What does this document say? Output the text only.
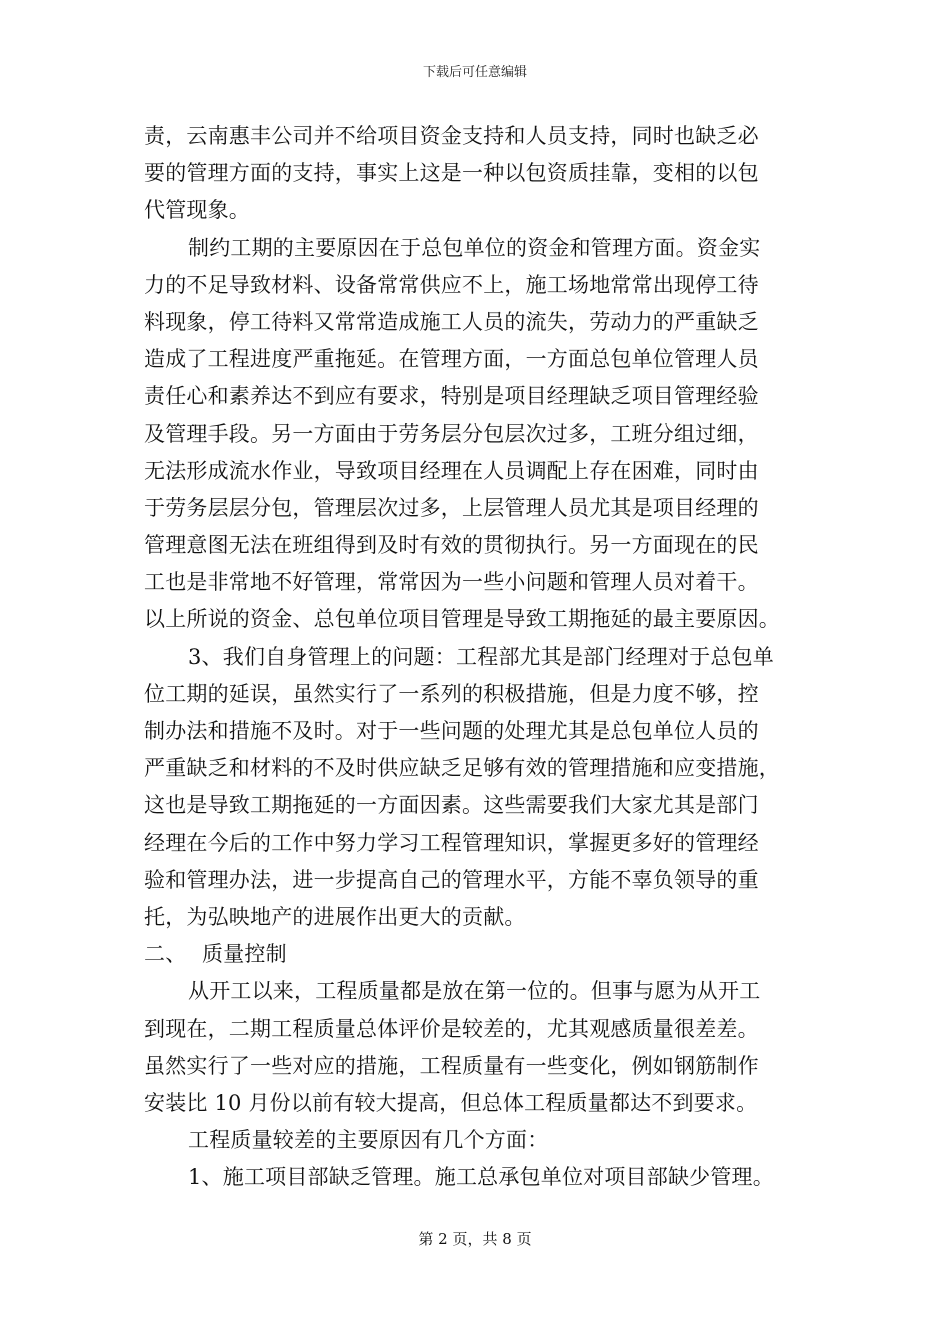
下载后可任意编辑
责，云南惠丰公司并不给项目资金支持和人员支持，同时也缺乏必
要的管理方面的支持，事实上这是一种以包资质挂靠，变相的以包
代管现象。
制约工期的主要原因在于总包单位的资金和管理方面。资金实
力的不足导致材料、设备常常供应不上，施工场地常常出现停工待
料现象，停工待料又常常造成施工人员的流失，劳动力的严重缺乏
造成了工程进度严重拖延。在管理方面，一方面总包单位管理人员
责任心和素养达不到应有要求，特别是项目经理缺乏项目管理经验
及管理手段。另一方面由于劳务层分包层次过多，工班分组过细，
无法形成流水作业，导致项目经理在人员调配上存在困难，同时由
于劳务层层分包，管理层次过多，上层管理人员尤其是项目经理的
管理意图无法在班组得到及时有效的贯彻执行。另一方面现在的民
工也是非常地不好管理，常常因为一些小问题和管理人员对着干。
以上所说的资金、总包单位项目管理是导致工期拖延的最主要原因。
3、我们自身管理上的问题：工程部尤其是部门经理对于总包单
位工期的延误，虽然实行了一系列的积极措施，但是力度不够，控
制办法和措施不及时。对于一些问题的处理尤其是总包单位人员的
严重缺乏和材料的不及时供应缺乏足够有效的管理措施和应变措施，
这也是导致工期拖延的一方面因素。这些需要我们大家尤其是部门
经理在今后的工作中努力学习工程管理知识，掌握更多好的管理经
验和管理办法，进一步提高自己的管理水平，方能不辜负领导的重
托，为弘映地产的进展作出更大的贡献。
二、 质量控制
从开工以来，工程质量都是放在第一位的。但事与愿为从开工
到现在，二期工程质量总体评价是较差的，尤其观感质量很差差。
虽然实行了一些对应的措施，工程质量有一些变化，例如钢筋制作
安装比 10 月份以前有较大提高，但总体工程质量都达不到要求。
工程质量较差的主要原因有几个方面：
1、施工项目部缺乏管理。施工总承包单位对项目部缺少管理。
第 2 页，共 8 页
